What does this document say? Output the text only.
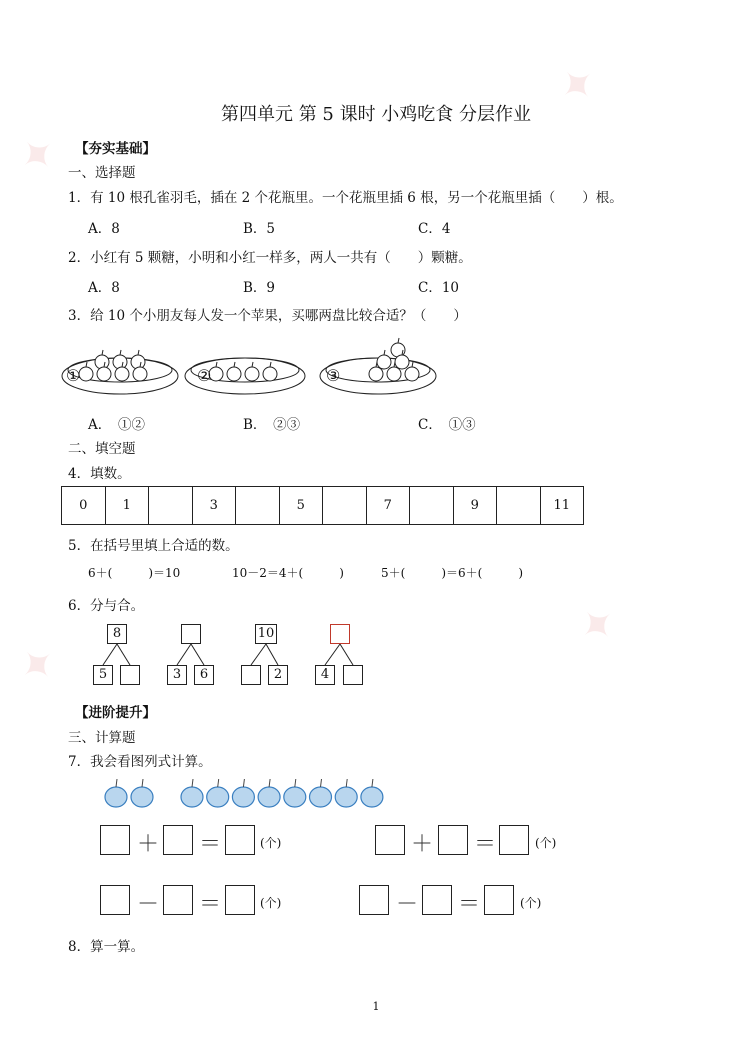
✦
✦
✦
✦
第四单元 第 5 课时 小鸡吃食 分层作业
【夯实基础】
一、选择题
1．有 10 根孔雀羽毛，插在 2 个花瓶里。一个花瓶里插 6 根，另一个花瓶里插（　　）根。
A．8	B．5	C．4
2．小红有 5 颗糖，小明和小红一样多，两人一共有（　　）颗糖。
A．8	B．9	C．10
3．给 10 个小朋友每人发一个苹果，买哪两盘比较合适？（　　）
①	②	③
A．　①②	B．　②③	C．　①③
二、填空题
4．填数。
0	1		3		5		7		9		11
5．在括号里填上合适的数。
6＋(　　　)＝10	10－2＝4＋(　　　)	5＋(　　　)＝6＋(　　　)
6．分与合。
8
5	3	6
10
2	4
【进阶提升】
三、计算题
7．我会看图列式计算。
＋ ＝	(个)	＋ ＝	(个)
－ ＝	(个)	－ ＝	(个)
8．算一算。
1
